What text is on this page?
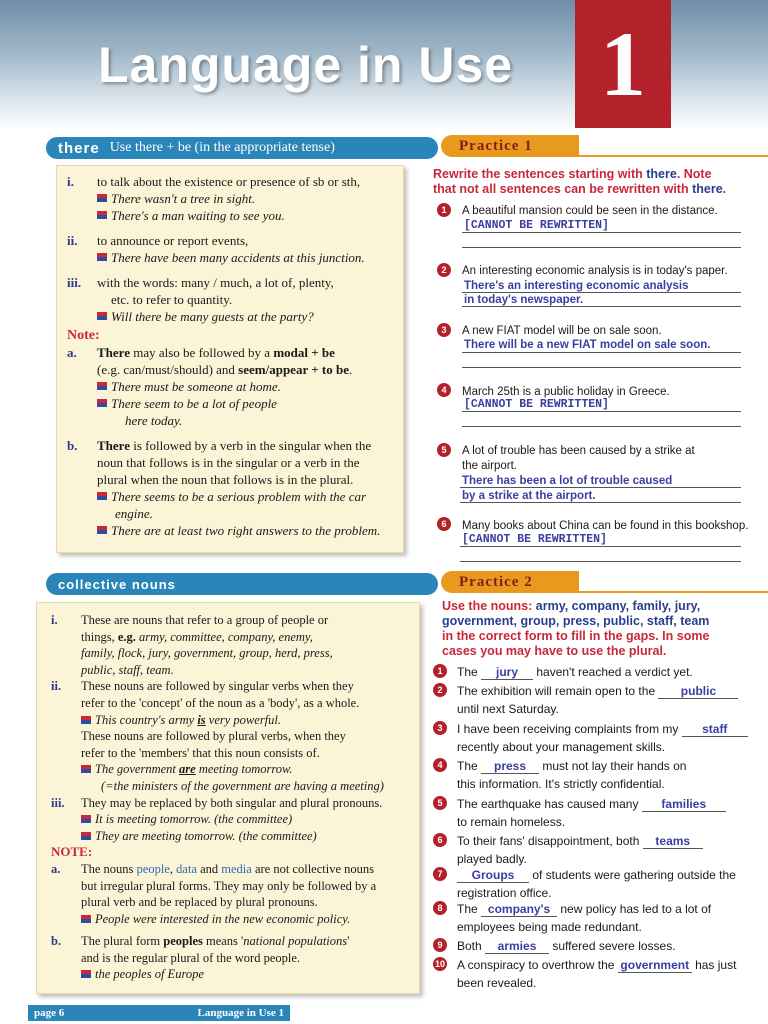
Language in Use 1
there Use there + be (in the appropriate tense)	Practice 1

i. to talk about the existence or presence of sb or sth,

There wasn't a tree in sight.

There's a man waiting to see you.

ii. to announce or report events,

There have been many accidents at this junction.

iii. with the words: many / much, a lot of, plenty,

etc. to refer to quantity.

Will there be many guests at the party?

Note:

a. There may also be followed by a modal + be

(e.g. can/must/should) and seem/appear + to be.

There must be someone at home.

There seem to be a lot of people

here today.

b. There is followed by a verb in the singular when the

noun that follows is in the singular or a verb in the

plural when the noun that follows is in the plural.

There seems to be a serious problem with the car

engine.

There are at least two right answers to the problem.

Rewrite the sentences starting with there. Note
that not all sentences can be rewritten with there.
1	A beautiful mansion could be seen in the distance.
[CANNOT BE REWRITTEN]
2	An interesting economic analysis is in today's paper.
There's an interesting economic analysis
in today's newspaper.
3	A new FIAT model will be on sale soon.
There will be a new FIAT model on sale soon.
4	March 25th is a public holiday in Greece.
[CANNOT BE REWRITTEN]
5	A lot of trouble has been caused by a strike at
the airport.
There has been a lot of trouble caused
by a strike at the airport.
6	Many books about China can be found in this bookshop.
[CANNOT BE REWRITTEN]
collective nouns	Practice 2

i. These are nouns that refer to a group of people or

things, e.g. army, committee, company, enemy,

family, flock, jury, government, group, herd, press,

public, staff, team.

ii. These nouns are followed by singular verbs when they

refer to the 'concept' of the noun as a 'body', as a whole.

This country's army is very powerful.

These nouns are followed by plural verbs, when they

refer to the 'members' that this noun consists of.

The government are meeting tomorrow.

(=the ministers of the government are having a meeting)

iii. They may be replaced by both singular and plural pronouns.

It is meeting tomorrow. (the committee)

They are meeting tomorrow. (the committee)

NOTE:

a. The nouns people, data and media are not collective nouns

but irregular plural forms. They may only be followed by a

plural verb and be replaced by plural pronouns.

People were interested in the new economic policy.

b. The plural form peoples means 'national populations'

and is the regular plural of the word people.

the peoples of Europe

Use the nouns: army, company, family, jury,
government, group, press, public, staff, team
in the correct form to fill in the gaps. In some
cases you may have to use the plural.
1	The jury haven't reached a verdict yet.
2	The exhibition will remain open to the public
until next Saturday.
3	I have been receiving complaints from my staff
recently about your management skills.
4	The press must not lay their hands on
this information. It's strictly confidential.
5	The earthquake has caused many families
to remain homeless.
6	To their fans' disappointment, both teams
played badly.
7	Groups of students were gathering outside the
registration office.
8	The company's new policy has led to a lot of
employees being made redundant.
9	Both armies suffered severe losses.
10 A conspiracy to overthrow the government has just
been revealed.
page 6	Language in Use 1
